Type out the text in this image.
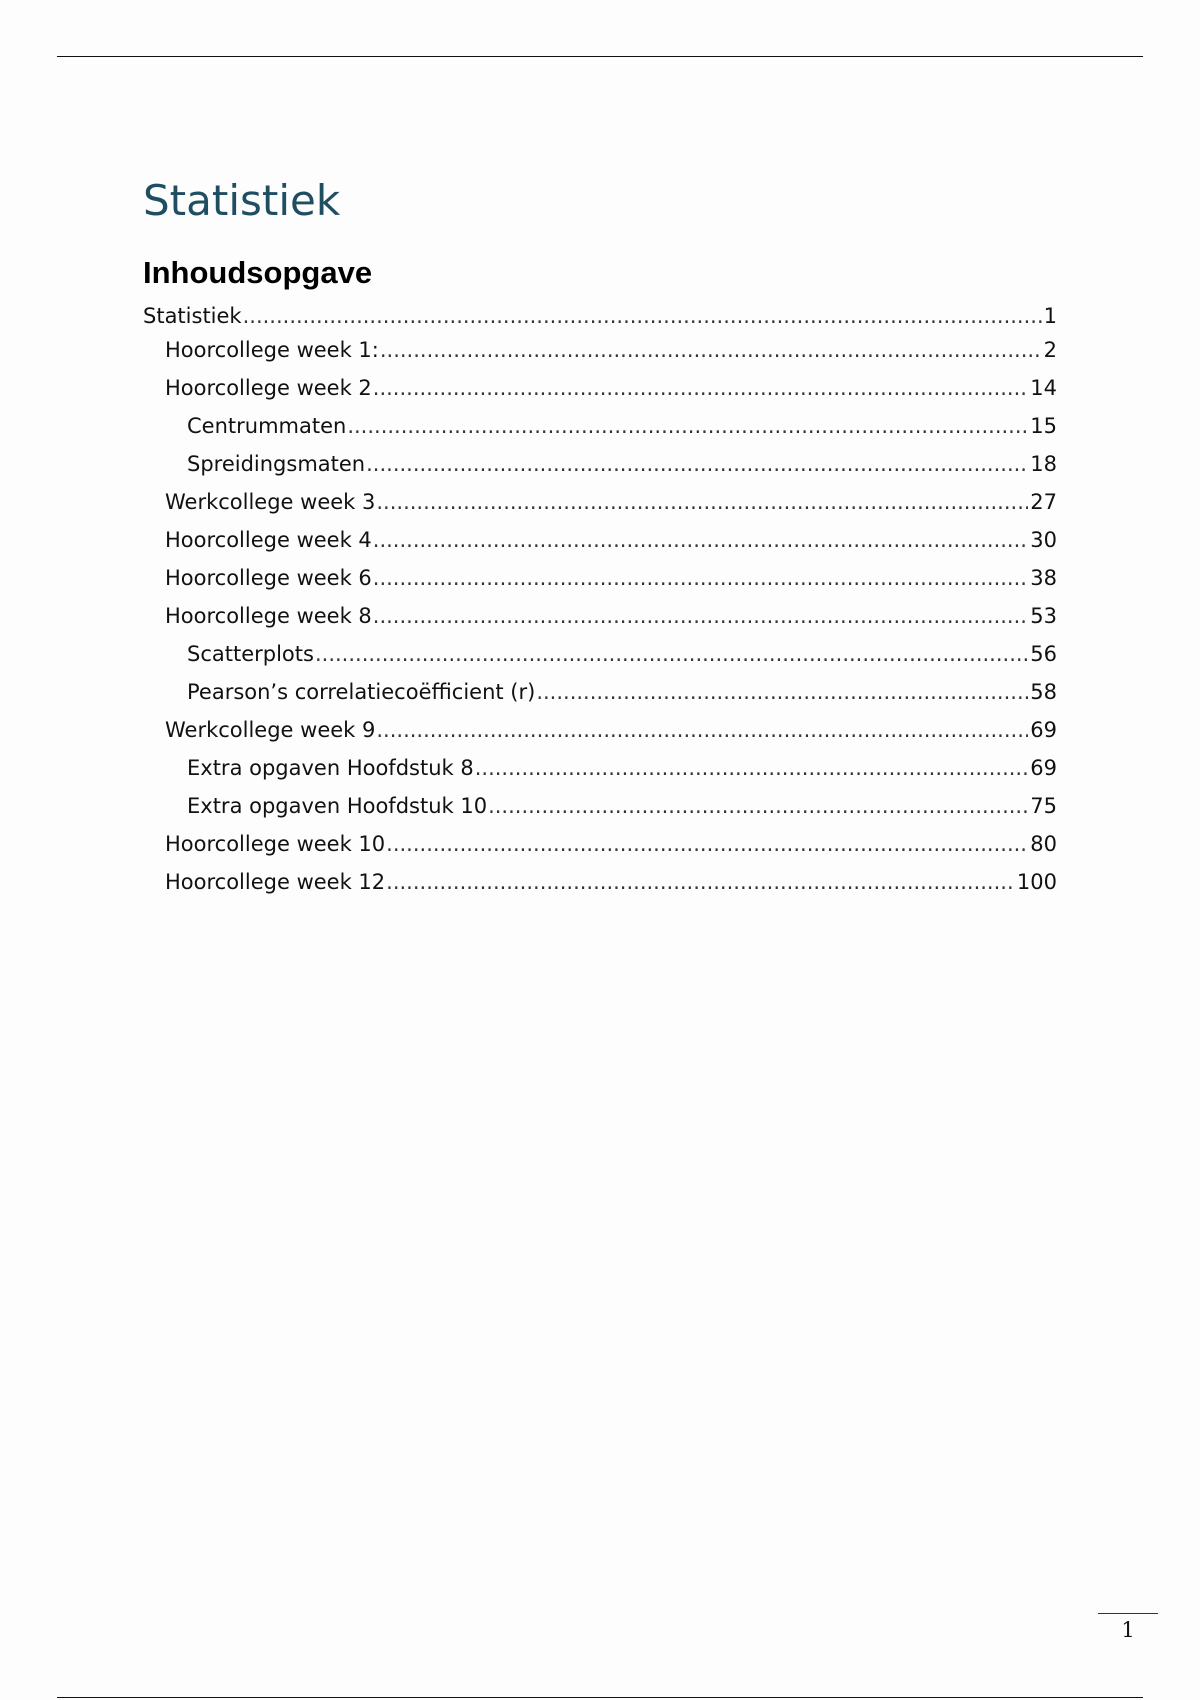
Statistiek
Inhoudsopgave
Statistiek .....	1
Hoorcollege week 1: .....	2
Hoorcollege week 2 .....	14
Centrummaten .....	15
Spreidingsmaten .....	18
Werkcollege week 3 .....	27
Hoorcollege week 4 .....	30
Hoorcollege week 6 .....	38
Hoorcollege week 8 .....	53
Scatterplots .....	56
Pearson’s correlatiecoëfficient (r) .....	58
Werkcollege week 9 .....	69
Extra opgaven Hoofdstuk 8 .....	69
Extra opgaven Hoofdstuk 10 .....	75
Hoorcollege week 10 .....	80
Hoorcollege week 12 .....	100
1
